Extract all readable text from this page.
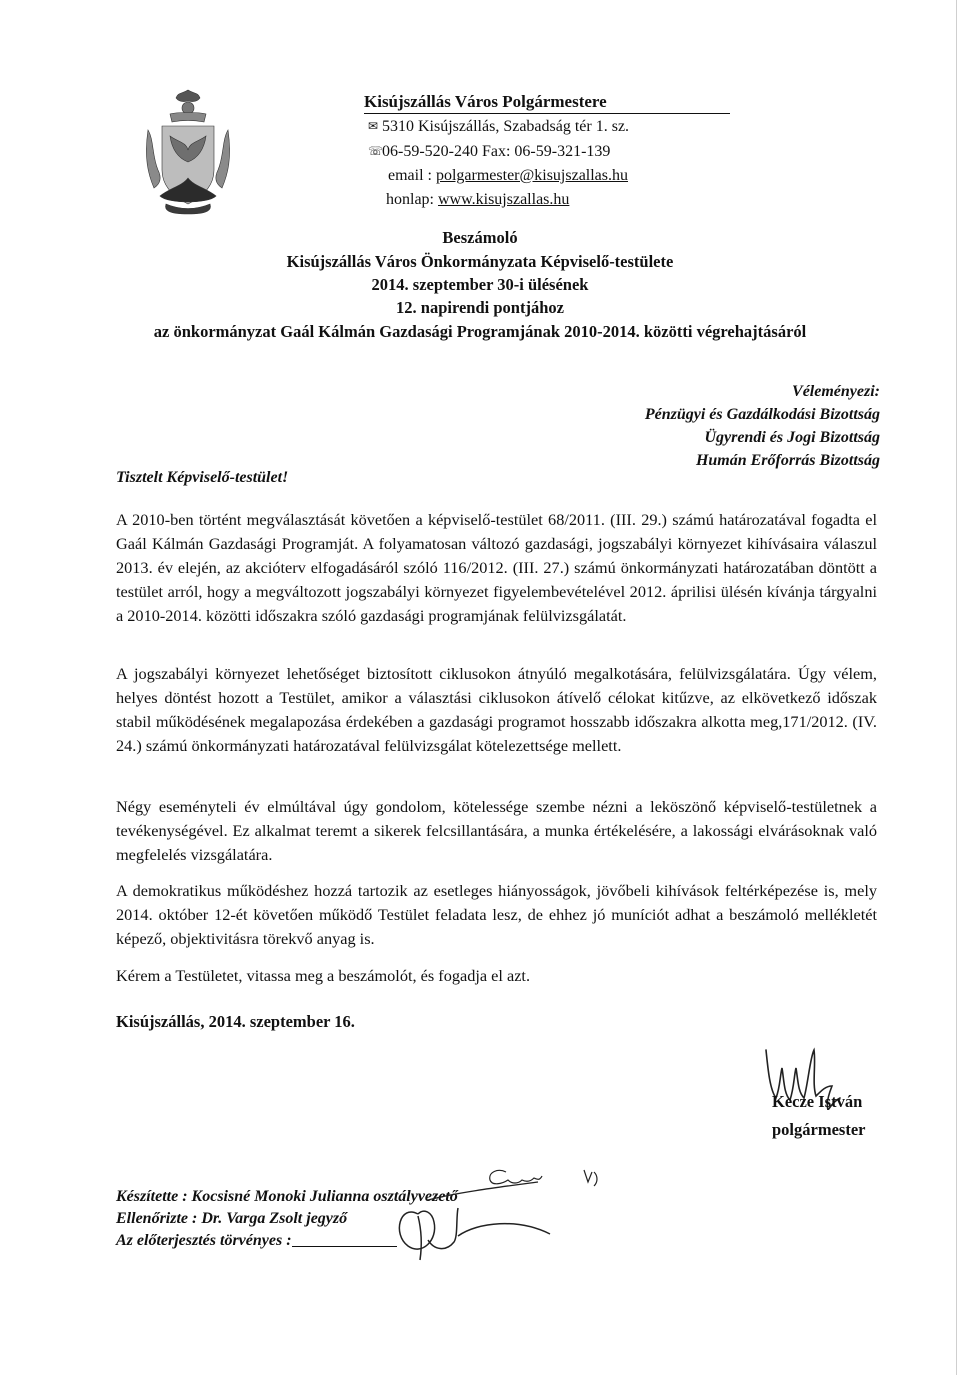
Kisújszállás Város Polgármestere
✉ 5310 Kisújszállás, Szabadság tér 1. sz.
☏06-59-520-240 Fax: 06-59-321-139
email : polgarmester@kisujszallas.hu
honlap: www.kisujszallas.hu
Beszámoló
Kisújszállás Város Önkormányzata Képviselő-testülete
2014. szeptember 30-i ülésének
12. napirendi pontjához
az önkormányzat Gaál Kálmán Gazdasági Programjának 2010-2014. közötti végrehajtásáról
Véleményezi:
Pénzügyi és Gazdálkodási Bizottság
Ügyrendi és Jogi Bizottság
Humán Erőforrás Bizottság
Tisztelt Képviselő-testület!
A 2010-ben történt megválasztását követően a képviselő-testület 68/2011. (III. 29.) számú határozatával fogadta el Gaál Kálmán Gazdasági Programját. A folyamatosan változó gazdasági, jogszabályi környezet kihívásaira válaszul 2013. év elején, az akcióterv elfogadásáról szóló 116/2012. (III. 27.) számú önkormányzati határozatában döntött a testület arról, hogy a megváltozott jogszabályi környezet figyelembevételével 2012. áprilisi ülésén kívánja tárgyalni a 2010-2014. közötti időszakra szóló gazdasági programjának felülvizsgálatát.
A jogszabályi környezet lehetőséget biztosított ciklusokon átnyúló megalkotására, felülvizsgálatára. Úgy vélem, helyes döntést hozott a Testület, amikor a választási ciklusokon átívelő célokat kitűzve, az elkövetkező időszak stabil működésének megalapozása érdekében a gazdasági programot hosszabb időszakra alkotta meg,171/2012. (IV. 24.) számú önkormányzati határozatával felülvizsgálat kötelezettsége mellett.
Négy eseményteli év elmúltával úgy gondolom, kötelessége szembe nézni a leköszönő képviselő-testületnek a tevékenységével. Ez alkalmat teremt a sikerek felcsillantására, a munka értékelésére, a lakossági elvárásoknak való megfelelés vizsgálatára.
A demokratikus működéshez hozzá tartozik az esetleges hiányosságok, jövőbeli kihívások feltérképezése is, mely 2014. október 12-ét követően működő Testület feladata lesz, de ehhez jó muníciót adhat a beszámoló mellékletét képező, objektivitásra törekvő anyag is.
Kérem a Testületet, vitassa meg a beszámolót, és fogadja el azt.
Kisújszállás, 2014. szeptember 16.
Kecze István
polgármester
Készítette : Kocsisné Monoki Julianna osztályvezető
Ellenőrizte : Dr. Varga Zsolt jegyző
Az előterjesztés törvényes :
